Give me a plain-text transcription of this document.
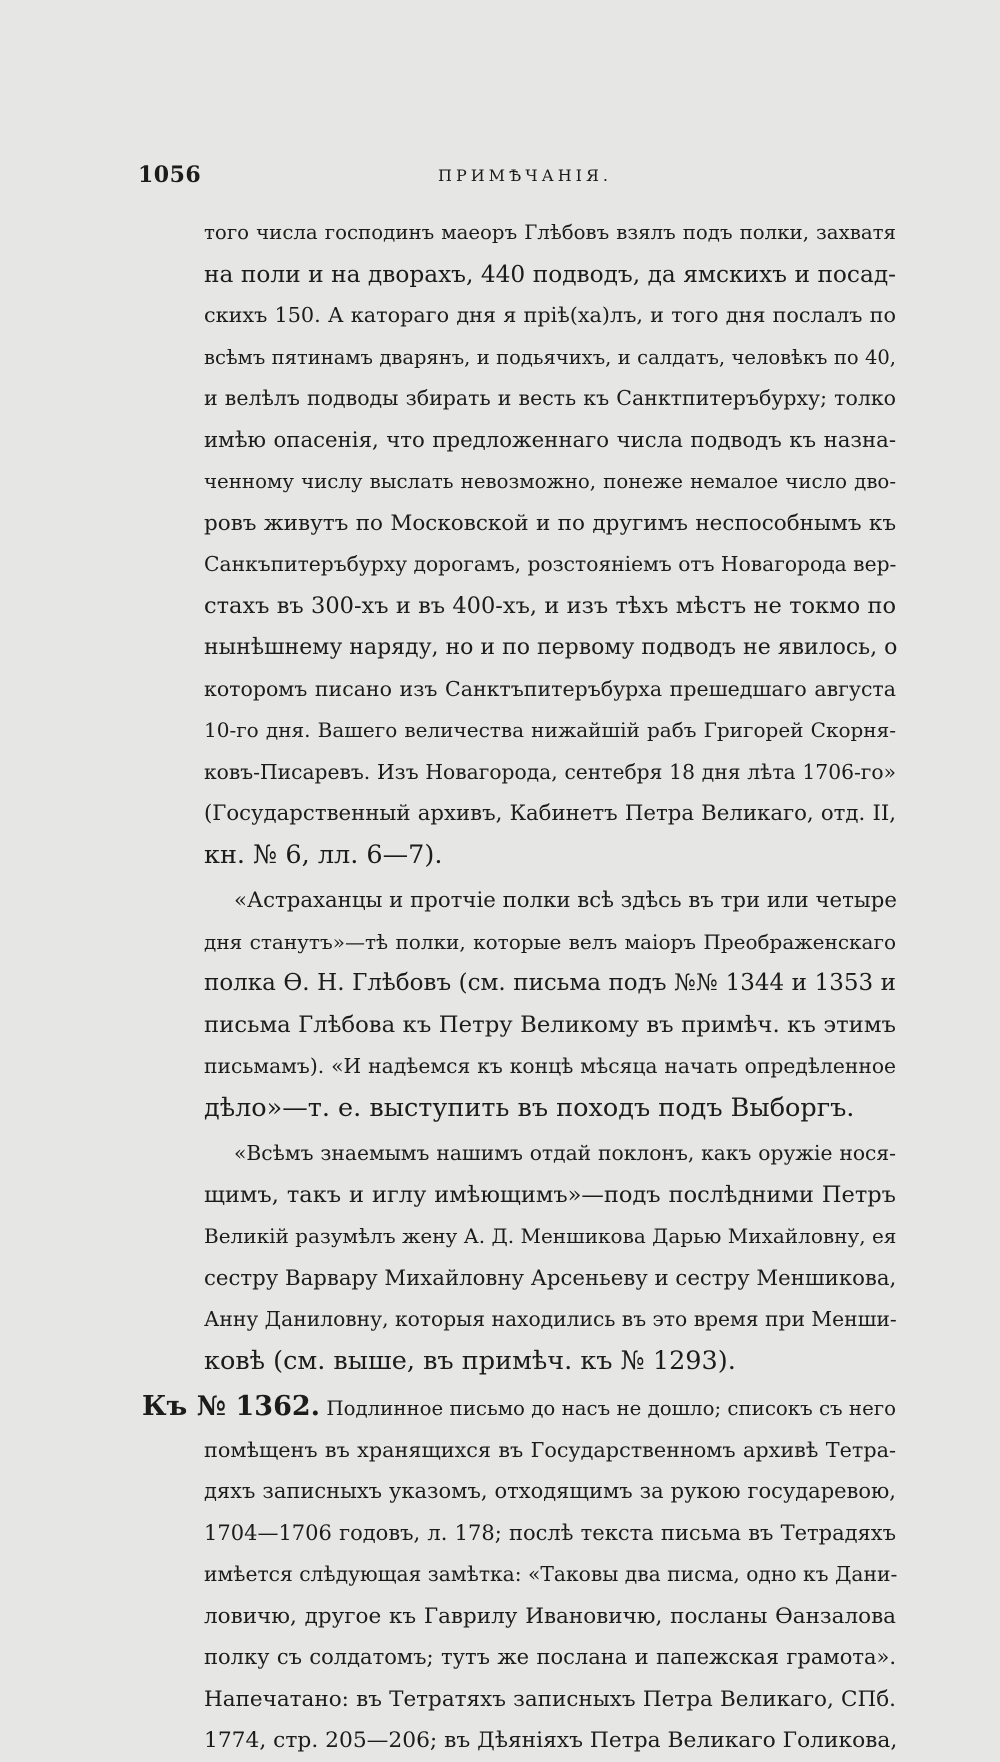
1056	ПРИМѢЧАНІЯ.
того числа господинъ маеоръ Глѣбовъ взялъ подъ полки, захватя
на поли и на дворахъ, 440 подводъ, да ямскихъ и посад-
скихъ 150. А катораго дня я прiѣ(ха)лъ, и того дня послалъ по
всѣмъ пятинамъ дварянъ, и подьячихъ, и салдатъ, человѣкъ по 40,
и велѣлъ подводы збирать и весть къ Санктпитеръбурху; толко
имѣю опасенiя, что предложеннаго числа подводъ къ назна-
ченному числу выслать невозможно, понеже немалое число дво-
ровъ живутъ по Московской и по другимъ неспособнымъ къ
Санкъпитеръбурху дорогамъ, розстоянiемъ отъ Новагорода вер-
стахъ въ 300-хъ и въ 400-хъ, и изъ тѣхъ мѣстъ не токмо по
нынѣшнему наряду, но и по первому подводъ не явилось, о
которомъ писано изъ Санктъпитеръбурха прешедшаго августа
10-го дня. Вашего величества нижайшiй рабъ Григорей Скорня-
ковъ-Писаревъ. Изъ Новагорода, сентебря 18 дня лѣта 1706-го»
(Государственный архивъ, Кабинетъ Петра Великаго, отд. II,
кн. № 6, лл. 6—7).
«Астраханцы и протчiе полки всѣ здѣсь въ три или четыре
дня станутъ»—тѣ полки, которые велъ маiоръ Преображенскаго
полка Ѳ. Н. Глѣбовъ (см. письма подъ №№ 1344 и 1353 и
письма Глѣбова къ Петру Великому въ примѣч. къ этимъ
письмамъ). «И надѣемся къ концѣ мѣсяца начать опредѣленное
дѣло»—т. е. выступить въ походъ подъ Выборгъ.
«Всѣмъ знаемымъ нашимъ отдай поклонъ, какъ оружiе нося-
щимъ, такъ и иглу имѣющимъ»—подъ послѣдними Петръ
Великiй разумѣлъ жену А. Д. Меншикова Дарью Михайловну, ея
сестру Варвару Михайловну Арсеньеву и сестру Меншикова,
Анну Даниловну, которыя находились въ это время при Менши-
ковѣ (см. выше, въ примѣч. къ № 1293).
Къ № 1362. Подлинное письмо до насъ не дошло; списокъ съ него
помѣщенъ въ хранящихся въ Государственномъ архивѣ Тетра-
дяхъ записныхъ указомъ, отходящимъ за рукою государевою,
1704—1706 годовъ, л. 178; послѣ текста письма въ Тетрадяхъ
имѣется слѣдующая замѣтка: «Таковы два писма, одно къ Дани-
ловичю, другое къ Гаврилу Ивановичю, посланы Ѳанзалова
полку съ солдатомъ; тутъ же послана и папежская грамота».
Напечатано: въ Тетратяхъ записныхъ Петра Великаго, СПб.
1774, стр. 205—206; въ Дѣянiяхъ Петра Великаго Голикова,
